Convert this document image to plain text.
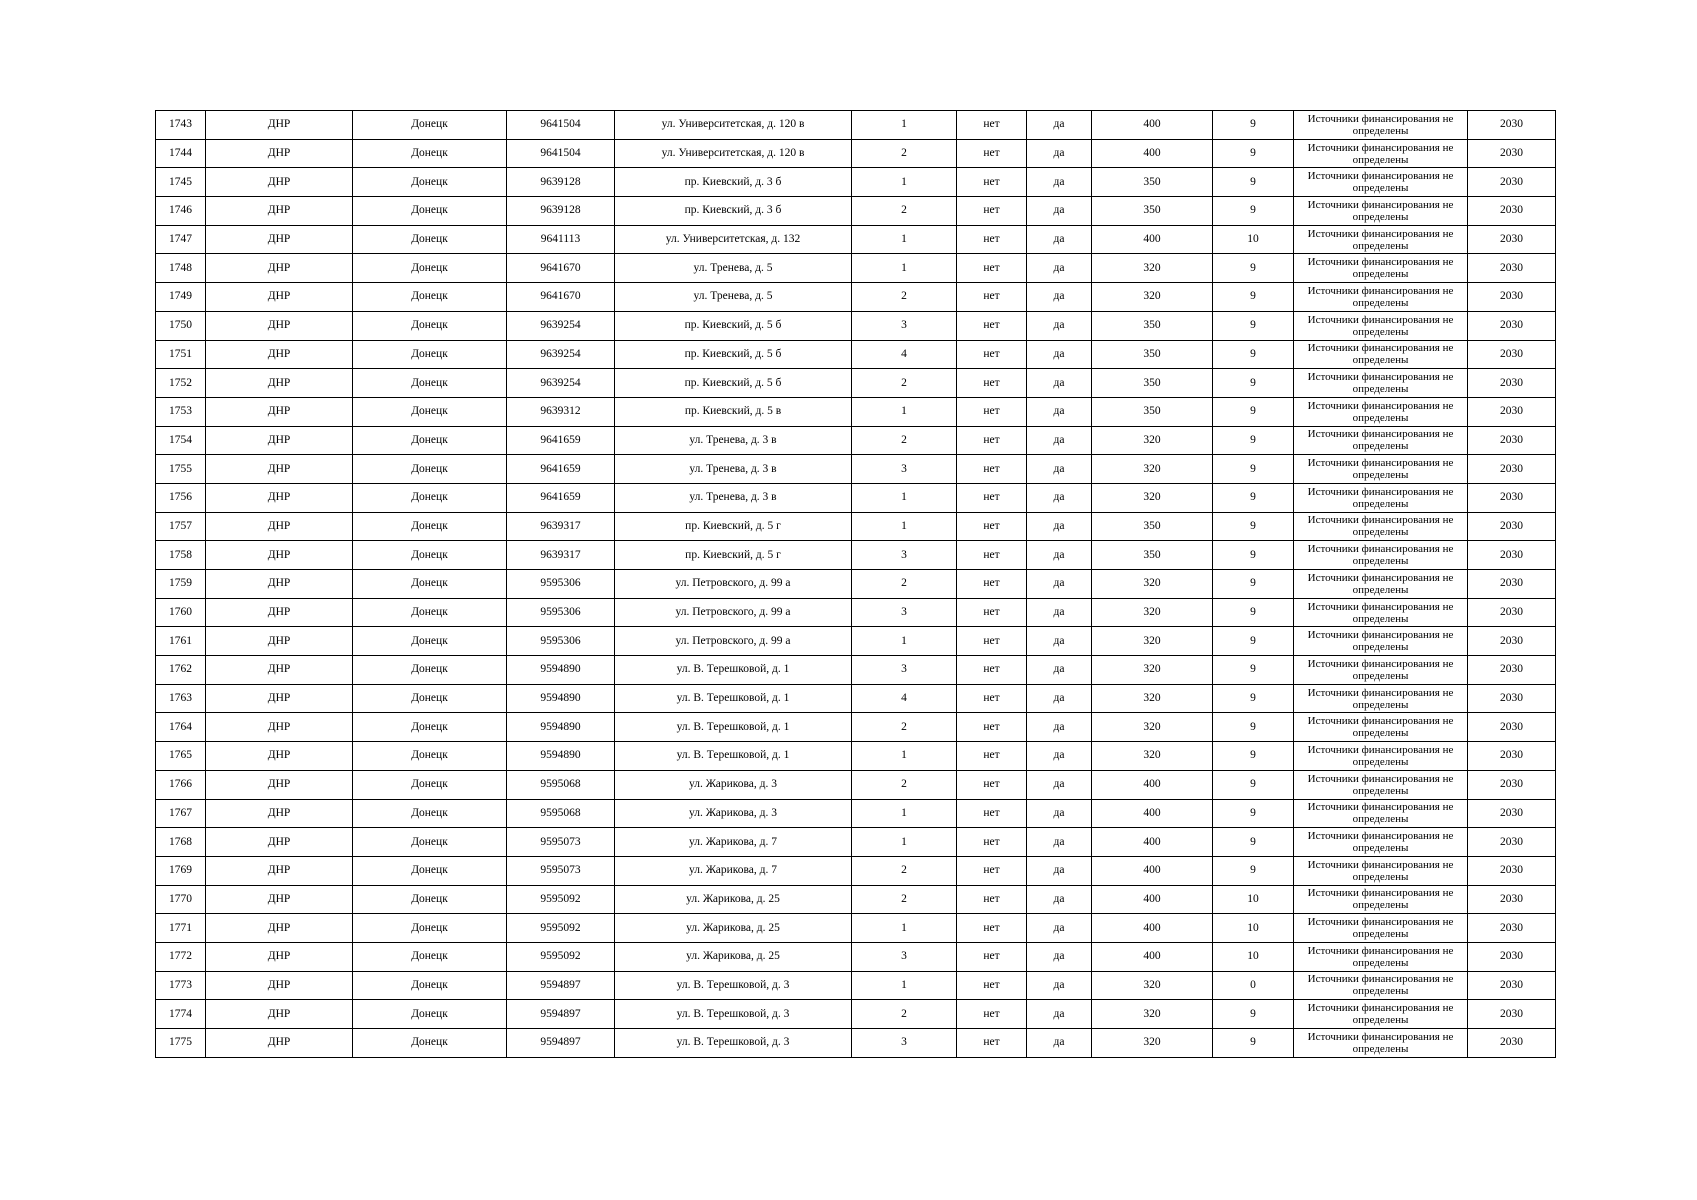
1743	ДНР	Донецк	9641504	ул. Университетская, д. 120 в	1	нет	да	400	9	Источники финансирования не определены	2030
1744	ДНР	Донецк	9641504	ул. Университетская, д. 120 в	2	нет	да	400	9	Источники финансирования не определены	2030
1745	ДНР	Донецк	9639128	пр. Киевский, д. 3 б	1	нет	да	350	9	Источники финансирования не определены	2030
1746	ДНР	Донецк	9639128	пр. Киевский, д. 3 б	2	нет	да	350	9	Источники финансирования не определены	2030
1747	ДНР	Донецк	9641113	ул. Университетская, д. 132	1	нет	да	400	10	Источники финансирования не определены	2030
1748	ДНР	Донецк	9641670	ул. Тренева, д. 5	1	нет	да	320	9	Источники финансирования не определены	2030
1749	ДНР	Донецк	9641670	ул. Тренева, д. 5	2	нет	да	320	9	Источники финансирования не определены	2030
1750	ДНР	Донецк	9639254	пр. Киевский, д. 5 б	3	нет	да	350	9	Источники финансирования не определены	2030
1751	ДНР	Донецк	9639254	пр. Киевский, д. 5 б	4	нет	да	350	9	Источники финансирования не определены	2030
1752	ДНР	Донецк	9639254	пр. Киевский, д. 5 б	2	нет	да	350	9	Источники финансирования не определены	2030
1753	ДНР	Донецк	9639312	пр. Киевский, д. 5 в	1	нет	да	350	9	Источники финансирования не определены	2030
1754	ДНР	Донецк	9641659	ул. Тренева, д. 3 в	2	нет	да	320	9	Источники финансирования не определены	2030
1755	ДНР	Донецк	9641659	ул. Тренева, д. 3 в	3	нет	да	320	9	Источники финансирования не определены	2030
1756	ДНР	Донецк	9641659	ул. Тренева, д. 3 в	1	нет	да	320	9	Источники финансирования не определены	2030
1757	ДНР	Донецк	9639317	пр. Киевский, д. 5 г	1	нет	да	350	9	Источники финансирования не определены	2030
1758	ДНР	Донецк	9639317	пр. Киевский, д. 5 г	3	нет	да	350	9	Источники финансирования не определены	2030
1759	ДНР	Донецк	9595306	ул. Петровского, д. 99 а	2	нет	да	320	9	Источники финансирования не определены	2030
1760	ДНР	Донецк	9595306	ул. Петровского, д. 99 а	3	нет	да	320	9	Источники финансирования не определены	2030
1761	ДНР	Донецк	9595306	ул. Петровского, д. 99 а	1	нет	да	320	9	Источники финансирования не определены	2030
1762	ДНР	Донецк	9594890	ул. В. Терешковой, д. 1	3	нет	да	320	9	Источники финансирования не определены	2030
1763	ДНР	Донецк	9594890	ул. В. Терешковой, д. 1	4	нет	да	320	9	Источники финансирования не определены	2030
1764	ДНР	Донецк	9594890	ул. В. Терешковой, д. 1	2	нет	да	320	9	Источники финансирования не определены	2030
1765	ДНР	Донецк	9594890	ул. В. Терешковой, д. 1	1	нет	да	320	9	Источники финансирования не определены	2030
1766	ДНР	Донецк	9595068	ул. Жарикова, д. 3	2	нет	да	400	9	Источники финансирования не определены	2030
1767	ДНР	Донецк	9595068	ул. Жарикова, д. 3	1	нет	да	400	9	Источники финансирования не определены	2030
1768	ДНР	Донецк	9595073	ул. Жарикова, д. 7	1	нет	да	400	9	Источники финансирования не определены	2030
1769	ДНР	Донецк	9595073	ул. Жарикова, д. 7	2	нет	да	400	9	Источники финансирования не определены	2030
1770	ДНР	Донецк	9595092	ул. Жарикова, д. 25	2	нет	да	400	10	Источники финансирования не определены	2030
1771	ДНР	Донецк	9595092	ул. Жарикова, д. 25	1	нет	да	400	10	Источники финансирования не определены	2030
1772	ДНР	Донецк	9595092	ул. Жарикова, д. 25	3	нет	да	400	10	Источники финансирования не определены	2030
1773	ДНР	Донецк	9594897	ул. В. Терешковой, д. 3	1	нет	да	320	0	Источники финансирования не определены	2030
1774	ДНР	Донецк	9594897	ул. В. Терешковой, д. 3	2	нет	да	320	9	Источники финансирования не определены	2030
1775	ДНР	Донецк	9594897	ул. В. Терешковой, д. 3	3	нет	да	320	9	Источники финансирования не определены	2030
